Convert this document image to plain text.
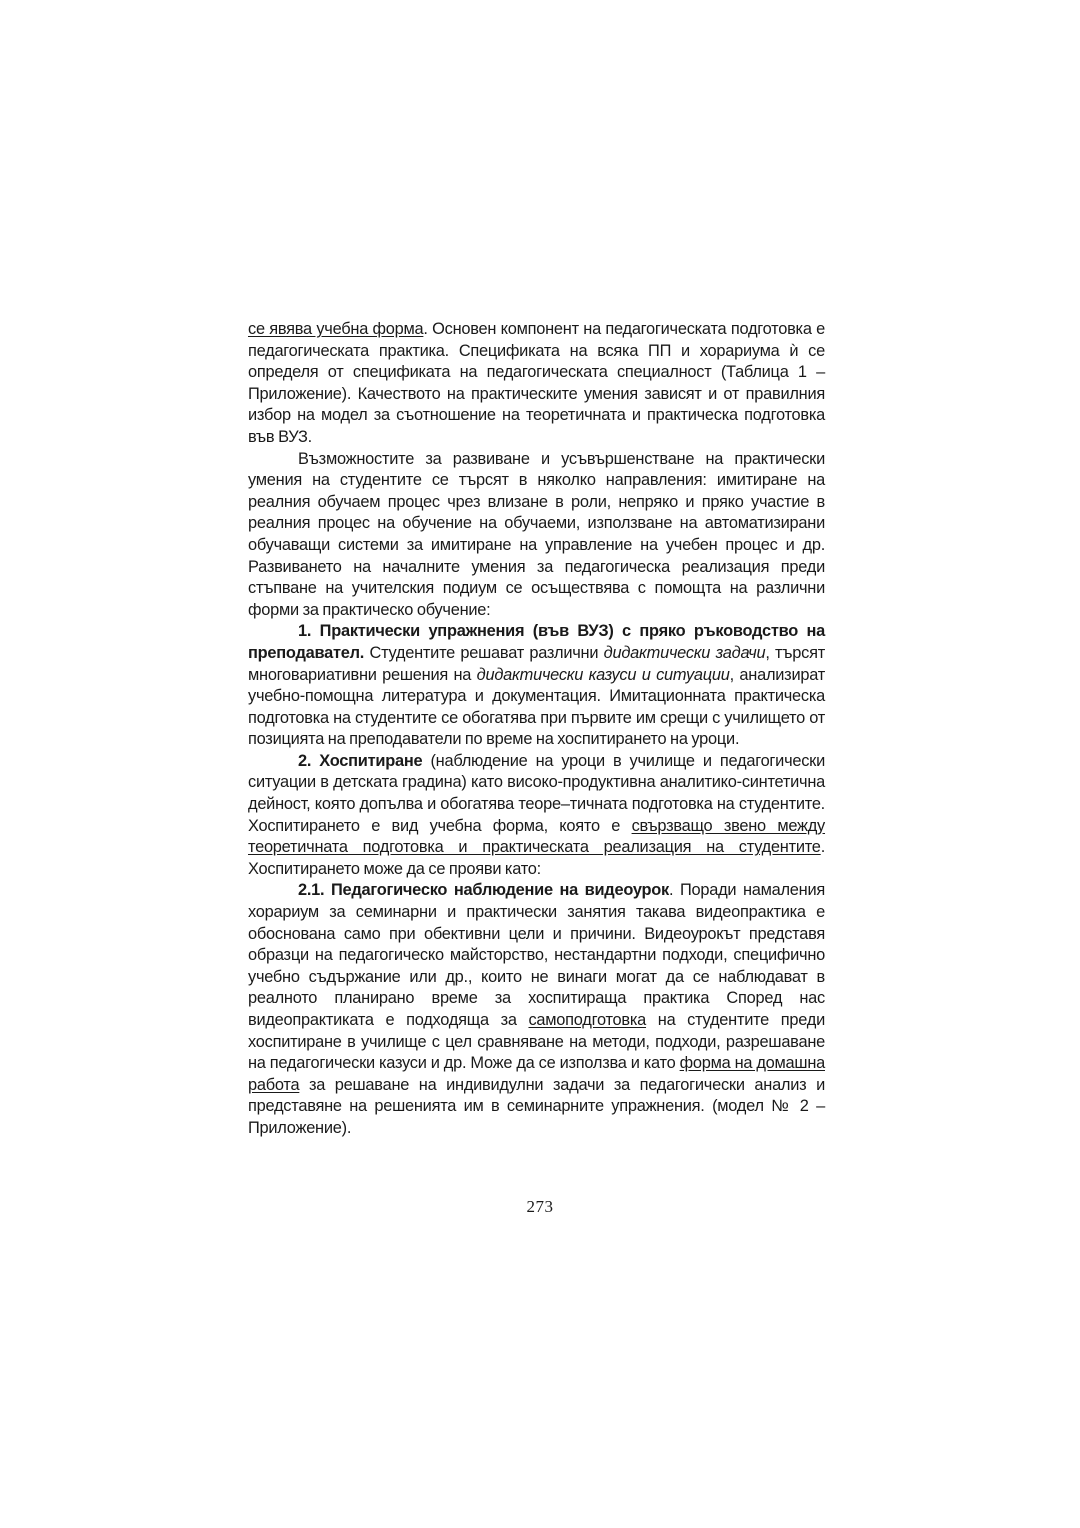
се явява учебна форма. Основен компонент на педагогическата подготовка е педагогическата практика. Спецификата на всяка ПП и хорариума ѝ се определя от спецификата на педагогическата специалност (Таблица 1 – Приложение). Качеството на практическите умения зависят и от правилния избор на модел за съотношение на теоретичната и практическа подготовка във ВУЗ.

Възможностите за развиване и усъвършенстване на практически умения на студентите се търсят в няколко направления: имитиране на реалния обучаем процес чрез влизане в роли, непряко и пряко участие в реалния процес на обучение на обучаеми, използване на автоматизирани обучаващи системи за имитиране на управление на учебен процес и др. Развиването на началните умения за педагогическа реализация преди стъпване на учителския подиум се осъществява с помощта на различни форми за практическо обучение:

1. Практически упражнения (във ВУЗ) с пряко ръководство на преподавател. Студентите решават различни дидактически задачи, търсят многовариативни решения на дидактически казуси и ситуации, анализират учебно-помощна литература и документация. Имитационната практическа подготовка на студентите се обогатява при първите им срещи с училището от позицията на преподаватели по време на хоспитирането на уроци.

2. Хоспитиране (наблюдение на уроци в училище и педагогически ситуации в детската градина) като високо-продуктивна аналитико-синтетична дейност, която допълва и обогатява теоре–тичната подготовка на студентите. Хоспитирането е вид учебна форма, която е свързващо звено между теоретичната подготовка и практическата реализация на студентите. Хоспитирането може да се прояви като:

2.1. Педагогическо наблюдение на видеоурок. Поради намаления хорариум за семинарни и практически занятия такава видеопрактика е обоснована само при обективни цели и причини. Видеоурокът представя образци на педагогическо майсторство, нестандартни подходи, специфично учебно съдържание или др., които не винаги могат да се наблюдават в реалното планирано време за хоспитираща практика Според нас видеопрактиката е подходяща за самоподготовка на студентите преди хоспитиране в училище с цел сравняване на методи, подходи, разрешаване на педагогически казуси и др. Може да се използва и като форма на домашна работа за решаване на индивидулни задачи за педагогически анализ и представяне на решенията им в семинарните упражнения. (модел № 2 – Приложение).

273
